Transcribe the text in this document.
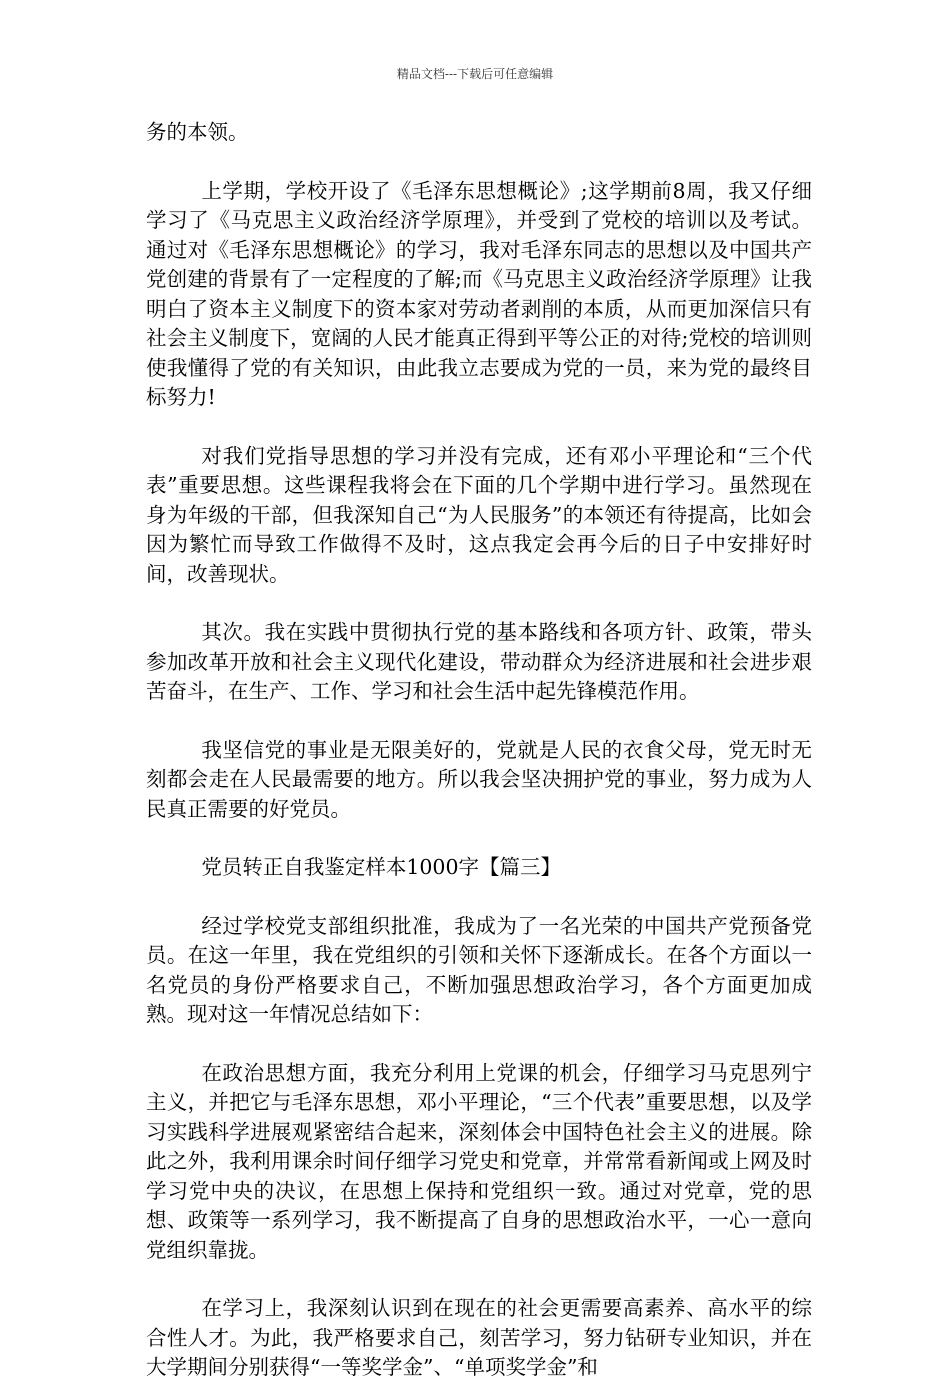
精品文档---下载后可任意编辑

务的本领。

上学期，学校开设了《毛泽东思想概论》;这学期前8周，我又仔细学习了《马克思主义政治经济学原理》，并受到了党校的培训以及考试。通过对《毛泽东思想概论》的学习，我对毛泽东同志的思想以及中国共产党创建的背景有了一定程度的了解;而《马克思主义政治经济学原理》让我明白了资本主义制度下的资本家对劳动者剥削的本质，从而更加深信只有社会主义制度下，宽阔的人民才能真正得到平等公正的对待;党校的培训则使我懂得了党的有关知识，由此我立志要成为党的一员，来为党的最终目标努力!

对我们党指导思想的学习并没有完成，还有邓小平理论和“三个代表”重要思想。这些课程我将会在下面的几个学期中进行学习。虽然现在身为年级的干部，但我深知自己“为人民服务”的本领还有待提高，比如会因为繁忙而导致工作做得不及时，这点我定会再今后的日子中安排好时间，改善现状。

其次。我在实践中贯彻执行党的基本路线和各项方针、政策，带头参加改革开放和社会主义现代化建设，带动群众为经济进展和社会进步艰苦奋斗，在生产、工作、学习和社会生活中起先锋模范作用。

我坚信党的事业是无限美好的，党就是人民的衣食父母，党无时无刻都会走在人民最需要的地方。所以我会坚决拥护党的事业，努力成为人民真正需要的好党员。

党员转正自我鉴定样本1000字【篇三】

经过学校党支部组织批准，我成为了一名光荣的中国共产党预备党员。在这一年里，我在党组织的引领和关怀下逐渐成长。在各个方面以一名党员的身份严格要求自己，不断加强思想政治学习，各个方面更加成熟。现对这一年情况总结如下：

在政治思想方面，我充分利用上党课的机会，仔细学习马克思列宁主义，并把它与毛泽东思想，邓小平理论，“三个代表”重要思想，以及学习实践科学进展观紧密结合起来，深刻体会中国特色社会主义的进展。除此之外，我利用课余时间仔细学习党史和党章，并常常看新闻或上网及时学习党中央的决议，在思想上保持和党组织一致。通过对党章，党的思想、政策等一系列学习，我不断提高了自身的思想政治水平，一心一意向党组织靠拢。

在学习上，我深刻认识到在现在的社会更需要高素养、高水平的综合性人才。为此，我严格要求自己，刻苦学习，努力钻研专业知识，并在大学期间分别获得“一等奖学金”、“单项奖学金”和
